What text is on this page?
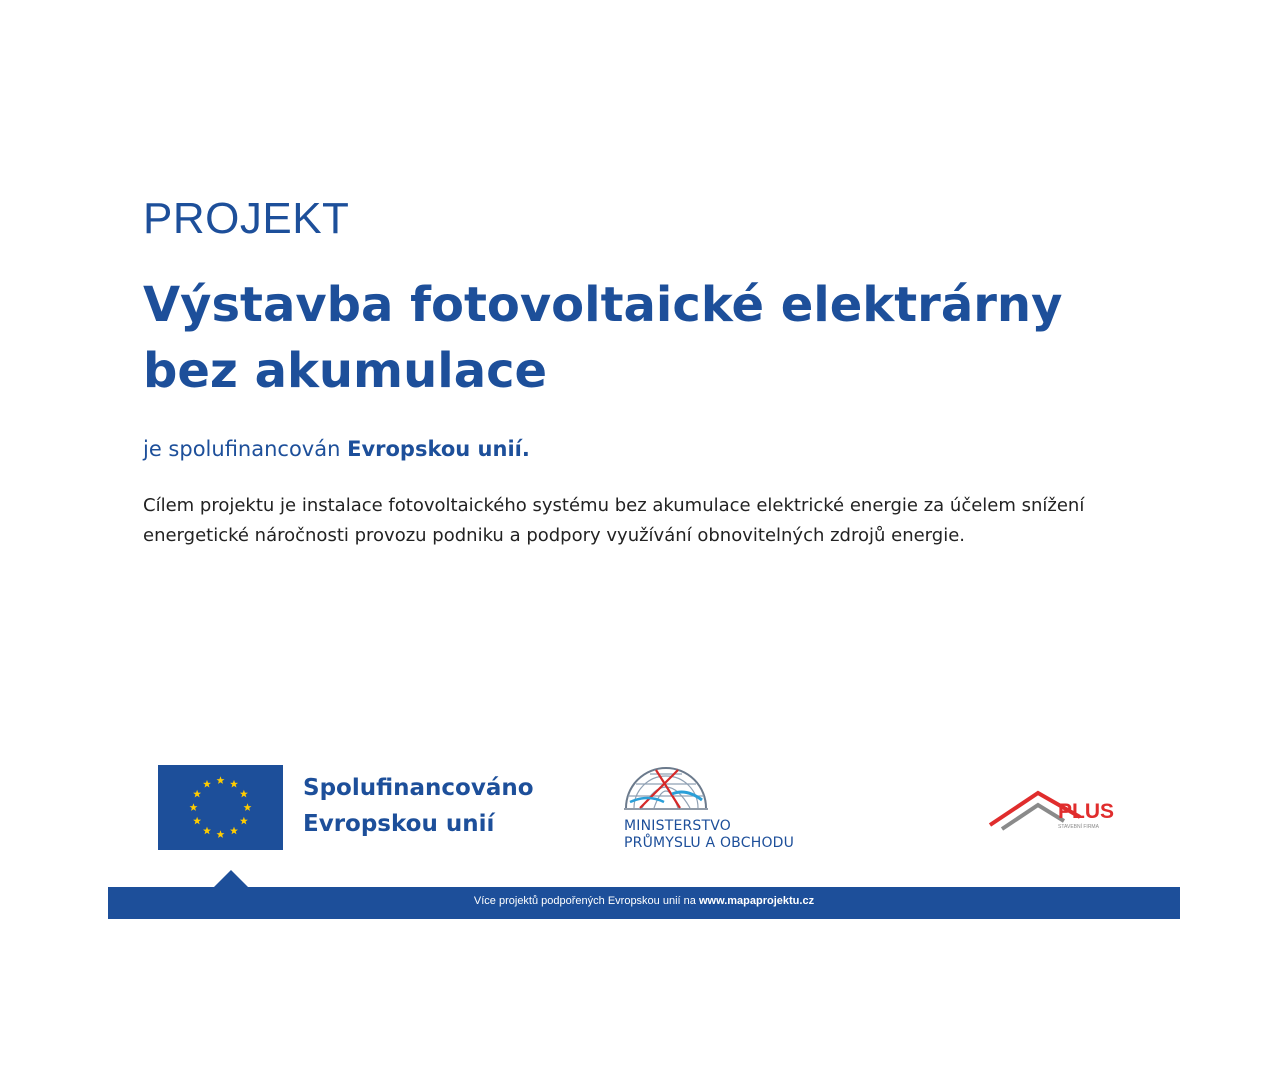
PROJEKT
Výstavba fotovoltaické elektrárny
bez akumulace
je spolufinancován Evropskou unií.
Cílem projektu je instalace fotovoltaického systému bez akumulace elektrické energie za účelem snížení energetické náročnosti provozu podniku a podpory využívání obnovitelných zdrojů energie.
Spolufinancováno
Evropskou unií	MINISTERSTVO
PRŮMYSLU A OBCHODU
PLUS
STAVEBNÍ FIRMA
Více projektů podpořených Evropskou unií na www.mapaprojektu.cz
